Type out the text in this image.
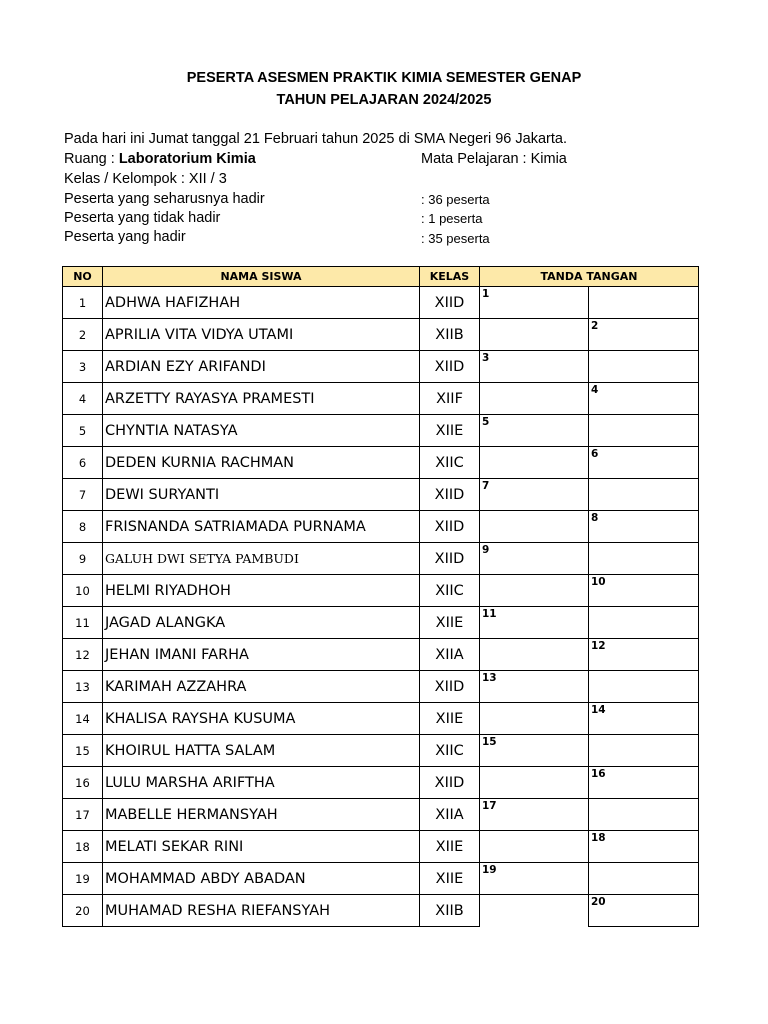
PESERTA ASESMEN PRAKTIK KIMIA SEMESTER GENAP
TAHUN PELAJARAN 2024/2025
Pada hari ini Jumat tanggal 21 Februari tahun 2025 di SMA Negeri 96 Jakarta.
Ruang : Laboratorium Kimia	Mata Pelajaran : Kimia
Kelas / Kelompok : XII / 3
Peserta yang seharusnya hadir	: 36 peserta
Peserta yang tidak hadir	: 1 peserta
Peserta yang hadir	: 35 peserta
NO	NAMA SISWA	KELAS	TANDA TANGAN	
1	ADHWA HAFIZHAH	XIID	1	

2	APRILIA VITA VIDYA UTAMI	XIIB		2

3	ARDIAN EZY ARIFANDI	XIID	3	

4	ARZETTY RAYASYA PRAMESTI	XIIF		4

5	CHYNTIA NATASYA	XIIE	5	

6	DEDEN KURNIA RACHMAN	XIIC		6

7	DEWI SURYANTI	XIID	7	

8	FRISNANDA SATRIAMADA PURNAMA	XIID		8

9	GALUH DWI SETYA PAMBUDI	XIID	9	

10	HELMI RIYADHOH	XIIC		10

11	JAGAD ALANGKA	XIIE	11	

12	JEHAN IMANI FARHA	XIIA		12

13	KARIMAH AZZAHRA	XIID	13	

14	KHALISA RAYSHA KUSUMA	XIIE		14

15	KHOIRUL HATTA SALAM	XIIC	15	

16	LULU MARSHA ARIFTHA	XIID		16

17	MABELLE HERMANSYAH	XIIA	17	

18	MELATI SEKAR RINI	XIIE		18

19	MOHAMMAD ABDY ABADAN	XIIE	19	

20	MUHAMAD RESHA RIEFANSYAH	XIIB		20
